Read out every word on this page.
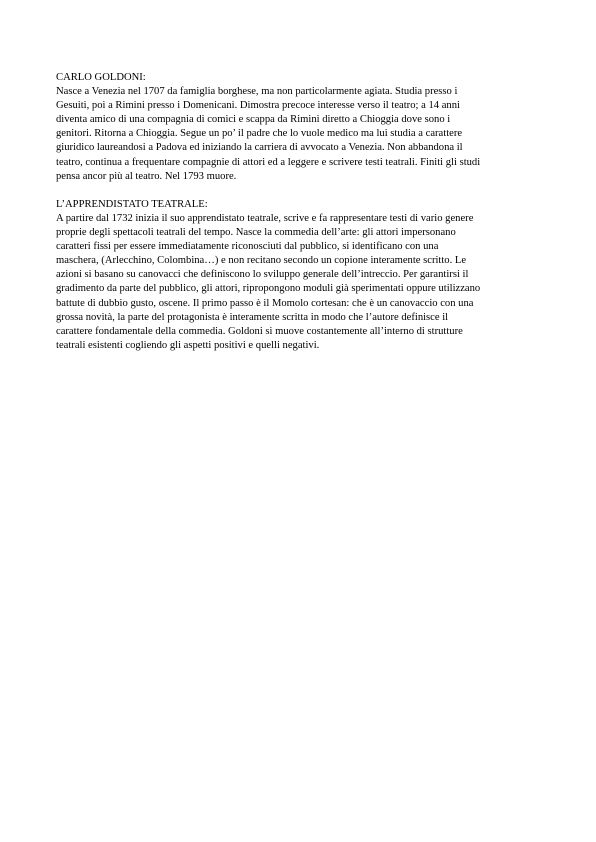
CARLO GOLDONI:
Nasce a Venezia nel 1707 da famiglia borghese, ma non particolarmente agiata. Studia presso i
Gesuiti, poi a Rimini presso i Domenicani. Dimostra precoce interesse verso il teatro; a 14 anni
diventa amico di una compagnia di comici e scappa da Rimini diretto a Chioggia dove sono i
genitori. Ritorna a Chioggia. Segue un po’ il padre che lo vuole medico ma lui studia a carattere
giuridico laureandosi a Padova ed iniziando la carriera di avvocato a Venezia. Non abbandona il
teatro, continua a frequentare compagnie di attori ed a leggere e scrivere testi teatrali. Finiti gli studi
pensa ancor più al teatro. Nel 1793 muore.
L’APPRENDISTATO TEATRALE:
A partire dal 1732 inizia il suo apprendistato teatrale, scrive e fa rappresentare testi di vario genere
proprie degli spettacoli teatrali del tempo. Nasce la commedia dell’arte: gli attori impersonano
caratteri fissi per essere immediatamente riconosciuti dal pubblico, si identificano con una
maschera, (Arlecchino, Colombina…) e non recitano secondo un copione interamente scritto. Le
azioni si basano su canovacci che definiscono lo sviluppo generale dell’intreccio. Per garantirsi il
gradimento da parte del pubblico, gli attori, ripropongono moduli già sperimentati oppure utilizzano
battute di dubbio gusto, oscene. Il primo passo è il Momolo cortesan: che è un canovaccio con una
grossa novità, la parte del protagonista è interamente scritta in modo che l’autore definisce il
carattere fondamentale della commedia. Goldoni si muove costantemente all’interno di strutture
teatrali esistenti cogliendo gli aspetti positivi e quelli negativi.
